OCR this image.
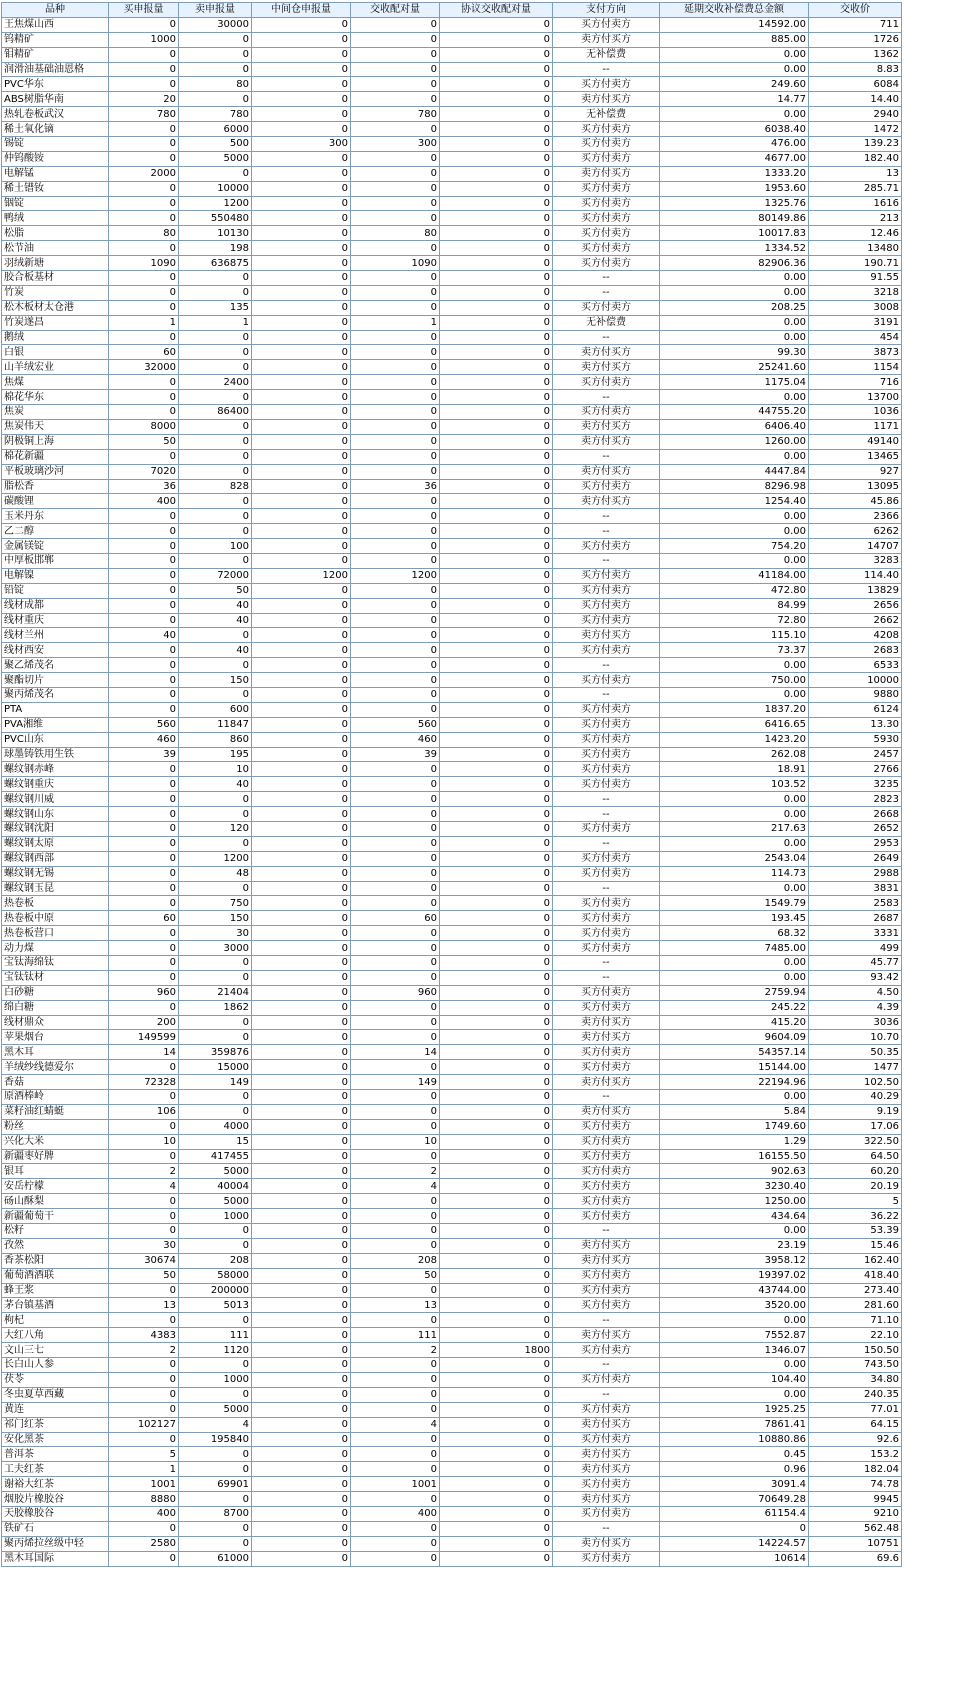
品种	买申报量	卖申报量	中间仓申报量	交收配对量	协议交收配对量	支付方向	延期交收补偿费总金额	交收价
王焦煤山西	0	30000	0	0	0	买方付卖方	14592.00	711
钨精矿	1000	0	0	0	0	卖方付买方	885.00	1726
钼精矿	0	0	0	0	0	无补偿费	0.00	1362
润滑油基础油恩格	0	0	0	0	0	--	0.00	8.83
PVC华东	0	80	0	0	0	买方付卖方	249.60	6084
ABS树脂华南	20	0	0	0	0	卖方付买方	14.77	14.40
热轧卷板武汉	780	780	0	780	0	无补偿费	0.00	2940
稀土氧化镝	0	6000	0	0	0	买方付卖方	6038.40	1472
锡锭	0	500	300	300	0	买方付卖方	476.00	139.23
仲钨酸铵	0	5000	0	0	0	买方付卖方	4677.00	182.40
电解锰	2000	0	0	0	0	卖方付买方	1333.20	13
稀土镨钕	0	10000	0	0	0	买方付卖方	1953.60	285.71
铟锭	0	1200	0	0	0	买方付卖方	1325.76	1616
鸭绒	0	550480	0	0	0	买方付卖方	80149.86	213
松脂	80	10130	0	80	0	买方付卖方	10017.83	12.46
松节油	0	198	0	0	0	买方付卖方	1334.52	13480
羽绒新塘	1090	636875	0	1090	0	买方付卖方	82906.36	190.71
胶合板基材	0	0	0	0	0	--	0.00	91.55
竹炭	0	0	0	0	0	--	0.00	3218
松木板材太仓港	0	135	0	0	0	买方付卖方	208.25	3008
竹炭遂昌	1	1	0	1	0	无补偿费	0.00	3191
鹅绒	0	0	0	0	0	--	0.00	454
白银	60	0	0	0	0	卖方付买方	99.30	3873
山羊绒宏业	32000	0	0	0	0	卖方付买方	25241.60	1154
焦煤	0	2400	0	0	0	买方付卖方	1175.04	716
棉花华东	0	0	0	0	0	--	0.00	13700
焦炭	0	86400	0	0	0	买方付卖方	44755.20	1036
焦炭伟天	8000	0	0	0	0	卖方付买方	6406.40	1171
阴极铜上海	50	0	0	0	0	卖方付买方	1260.00	49140
棉花新疆	0	0	0	0	0	--	0.00	13465
平板玻璃沙河	7020	0	0	0	0	卖方付买方	4447.84	927
脂松香	36	828	0	36	0	买方付卖方	8296.98	13095
碳酸锂	400	0	0	0	0	卖方付买方	1254.40	45.86
玉米丹东	0	0	0	0	0	--	0.00	2366
乙二醇	0	0	0	0	0	--	0.00	6262
金属镁锭	0	100	0	0	0	买方付卖方	754.20	14707
中厚板邯郸	0	0	0	0	0	--	0.00	3283
电解镍	0	72000	1200	1200	0	买方付卖方	41184.00	114.40
铅锭	0	50	0	0	0	买方付卖方	472.80	13829
线材成都	0	40	0	0	0	买方付卖方	84.99	2656
线材重庆	0	40	0	0	0	买方付卖方	72.80	2662
线材兰州	40	0	0	0	0	卖方付买方	115.10	4208
线材西安	0	40	0	0	0	买方付卖方	73.37	2683
聚乙烯茂名	0	0	0	0	0	--	0.00	6533
聚酯切片	0	150	0	0	0	买方付卖方	750.00	10000
聚丙烯茂名	0	0	0	0	0	--	0.00	9880
PTA	0	600	0	0	0	买方付卖方	1837.20	6124
PVA湘维	560	11847	0	560	0	买方付卖方	6416.65	13.30
PVC山东	460	860	0	460	0	买方付卖方	1423.20	5930
球墨铸铁用生铁	39	195	0	39	0	买方付卖方	262.08	2457
螺纹钢赤峰	0	10	0	0	0	买方付卖方	18.91	2766
螺纹钢重庆	0	40	0	0	0	买方付卖方	103.52	3235
螺纹钢川威	0	0	0	0	0	--	0.00	2823
螺纹钢山东	0	0	0	0	0	--	0.00	2668
螺纹钢沈阳	0	120	0	0	0	买方付卖方	217.63	2652
螺纹钢太原	0	0	0	0	0	--	0.00	2953
螺纹钢西部	0	1200	0	0	0	买方付卖方	2543.04	2649
螺纹钢无锡	0	48	0	0	0	买方付卖方	114.73	2988
螺纹钢玉昆	0	0	0	0	0	--	0.00	3831
热卷板	0	750	0	0	0	买方付卖方	1549.79	2583
热卷板中原	60	150	0	60	0	买方付卖方	193.45	2687
热卷板营口	0	30	0	0	0	买方付卖方	68.32	3331
动力煤	0	3000	0	0	0	买方付卖方	7485.00	499
宝钛海绵钛	0	0	0	0	0	--	0.00	45.77
宝钛钛材	0	0	0	0	0	--	0.00	93.42
白砂糖	960	21404	0	960	0	买方付卖方	2759.94	4.50
绵白糖	0	1862	0	0	0	买方付卖方	245.22	4.39
线材鼎众	200	0	0	0	0	卖方付买方	415.20	3036
苹果烟台	149599	0	0	0	0	卖方付买方	9604.09	10.70
黑木耳	14	359876	0	14	0	买方付卖方	54357.14	50.35
羊绒纱线德爱尔	0	15000	0	0	0	买方付卖方	15144.00	1477
香菇	72328	149	0	149	0	卖方付买方	22194.96	102.50
原酒棒岭	0	0	0	0	0	--	0.00	40.29
菜籽油红蜻蜓	106	0	0	0	0	卖方付买方	5.84	9.19
粉丝	0	4000	0	0	0	买方付卖方	1749.60	17.06
兴化大米	10	15	0	10	0	买方付卖方	1.29	322.50
新疆枣好牌	0	417455	0	0	0	买方付卖方	16155.50	64.50
银耳	2	5000	0	2	0	买方付卖方	902.63	60.20
安岳柠檬	4	40004	0	4	0	买方付卖方	3230.40	20.19
砀山酥梨	0	5000	0	0	0	买方付卖方	1250.00	5
新疆葡萄干	0	1000	0	0	0	买方付卖方	434.64	36.22
松籽	0	0	0	0	0	--	0.00	53.39
孜然	30	0	0	0	0	卖方付买方	23.19	15.46
香茶松阳	30674	208	0	208	0	卖方付买方	3958.12	162.40
葡萄酒酒联	50	58000	0	50	0	买方付卖方	19397.02	418.40
蜂王浆	0	200000	0	0	0	买方付卖方	43744.00	273.40
茅台镇基酒	13	5013	0	13	0	买方付卖方	3520.00	281.60
枸杞	0	0	0	0	0	--	0.00	71.10
大红八角	4383	111	0	111	0	卖方付买方	7552.87	22.10
文山三七	2	1120	0	2	1800	买方付卖方	1346.07	150.50
长白山人参	0	0	0	0	0	--	0.00	743.50
茯苓	0	1000	0	0	0	买方付卖方	104.40	34.80
冬虫夏草西藏	0	0	0	0	0	--	0.00	240.35
黄连	0	5000	0	0	0	买方付卖方	1925.25	77.01
祁门红茶	102127	4	0	4	0	卖方付买方	7861.41	64.15
安化黑茶	0	195840	0	0	0	买方付卖方	10880.86	92.6
普洱茶	5	0	0	0	0	卖方付买方	0.45	153.2
工夫红茶	1	0	0	0	0	卖方付买方	0.96	182.04
谢裕大红茶	1001	69901	0	1001	0	买方付卖方	3091.4	74.78
烟胶片橡胶谷	8880	0	0	0	0	卖方付买方	70649.28	9945
天胶橡胶谷	400	8700	0	400	0	买方付卖方	61154.4	9210
铁矿石	0	0	0	0	0	--	0	562.48
聚丙烯拉丝级中轻	2580	0	0	0	0	卖方付买方	14224.57	10751
黑木耳国际	0	61000	0	0	0	买方付卖方	10614	69.6
